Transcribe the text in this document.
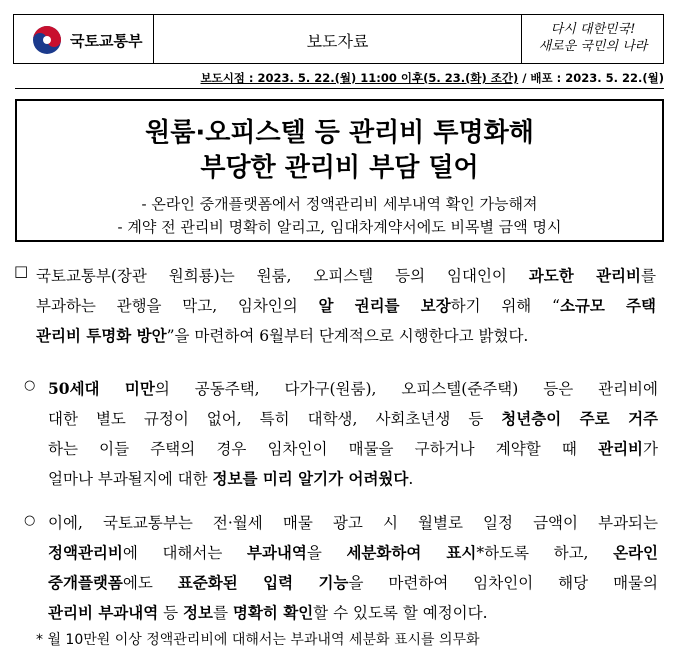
국토교통부	보도자료
다시 대한민국!
새로운 국민의 나라
보도시점 : 2023. 5. 22.(월) 11:00 이후(5. 23.(화) 조간) / 배포 : 2023. 5. 22.(월)
원룸·오피스텔 등 관리비 투명화해
부당한 관리비 부담 덜어
- 온라인 중개플랫폼에서 정액관리비 세부내역 확인 가능해져
- 계약 전 관리비 명확히 알리고, 임대차계약서에도 비목별 금액 명시
□ 국토교통부(장관 원희룡)는 원룸, 오피스텔 등의 임대인이 과도한 관리비를
부과하는 관행을 막고, 임차인의 알 권리를 보장하기 위해 “소규모 주택
관리비 투명화 방안”을 마련하여 6월부터 단계적으로 시행한다고 밝혔다.
○ 50세대 미만의 공동주택, 다가구(원룸), 오피스텔(준주택) 등은 관리비에
대한 별도 규정이 없어, 특히 대학생, 사회초년생 등 청년층이 주로 거주
하는 이들 주택의 경우 임차인이 매물을 구하거나 계약할 때 관리비가
얼마나 부과될지에 대한 정보를 미리 알기가 어려웠다.
○ 이에, 국토교통부는 전·월세 매물 광고 시 월별로 일정 금액이 부과되는
정액관리비에 대해서는 부과내역을 세분화하여 표시*하도록 하고, 온라인
중개플랫폼에도 표준화된 입력 기능을 마련하여 임차인이 해당 매물의
관리비 부과내역 등 정보를 명확히 확인할 수 있도록 할 예정이다.
* 월 10만원 이상 정액관리비에 대해서는 부과내역 세분화 표시를 의무화
